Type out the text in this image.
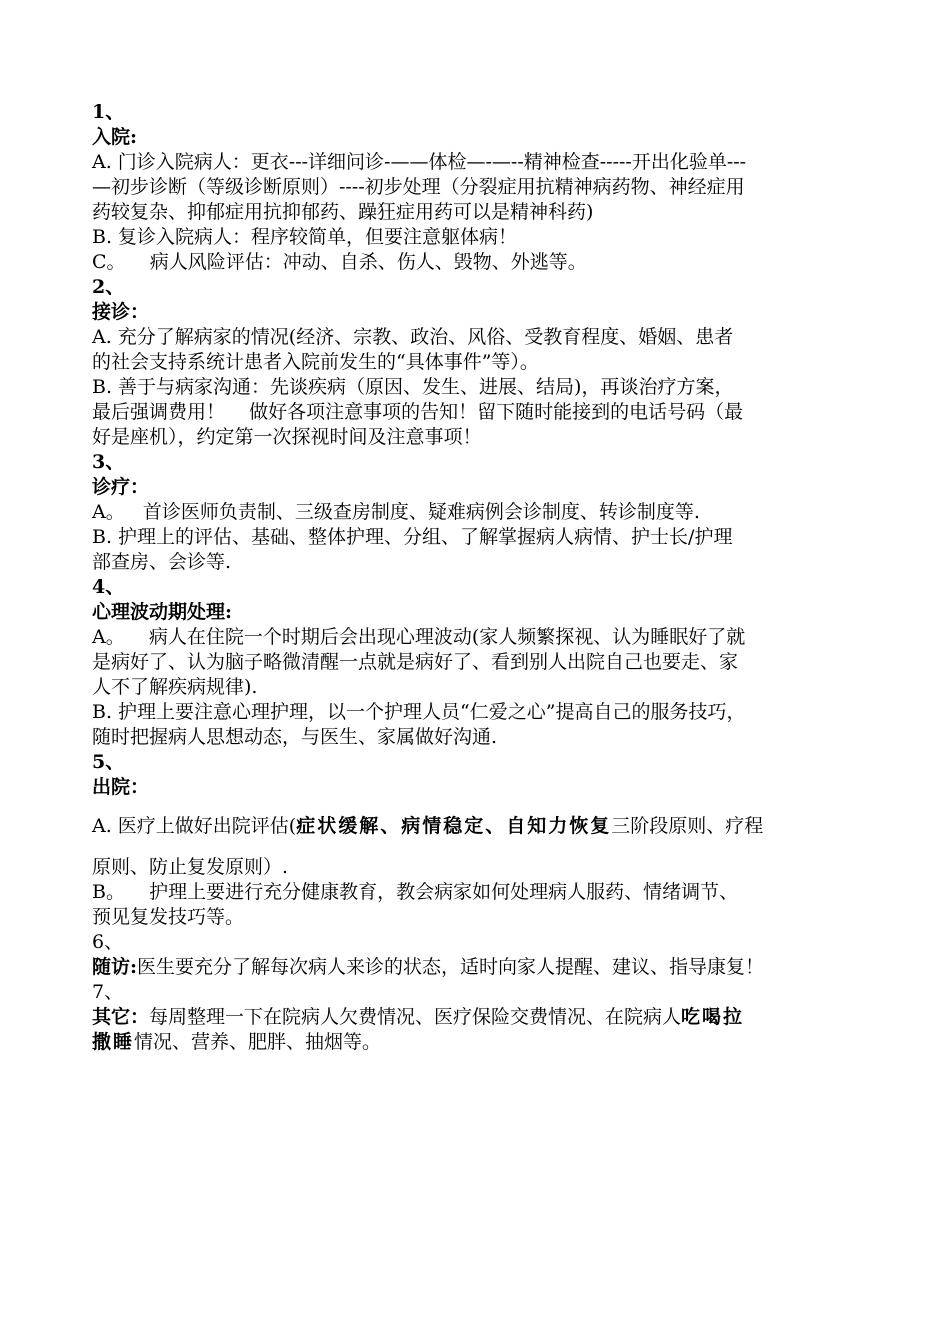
1、

入院:

A. 门诊入院病人：更衣---详细问诊-——体检—-—--精神检查-----开出化验单---

—初步诊断（等级诊断原则）----初步处理（分裂症用抗精神病药物、神经症用

药较复杂、抑郁症用抗抑郁药、躁狂症用药可以是精神科药)

B. 复诊入院病人：程序较简单，但要注意躯体病！

C。    病人风险评估：冲动、自杀、伤人、毁物、外逃等。

2、

接诊：

A. 充分了解病家的情况(经济、宗教、政治、风俗、受教育程度、婚姻、患者

的社会支持系统计患者入院前发生的“具体事件”等）。

B. 善于与病家沟通：先谈疾病（原因、发生、进展、结局)，再谈治疗方案，

最后强调费用！    做好各项注意事项的告知！留下随时能接到的电话号码（最

好是座机），约定第一次探视时间及注意事项！

3、

诊疗：

A。   首诊医师负责制、三级查房制度、疑难病例会诊制度、转诊制度等.

B. 护理上的评估、基础、整体护理、分组、了解掌握病人病情、护士长/护理

部查房、会诊等.

4、

心理波动期处理:

A。    病人在住院一个时期后会出现心理波动(家人频繁探视、认为睡眠好了就

是病好了、认为脑子略微清醒一点就是病好了、看到别人出院自己也要走、家

人不了解疾病规律).

B. 护理上要注意心理护理，以一个护理人员“仁爱之心”提高自己的服务技巧，

随时把握病人思想动态，与医生、家属做好沟通.

5、

出院：

A. 医疗上做好出院评估(症状缓解、病情稳定、自知力恢复三阶段原则、疗程

原则、防止复发原则）.

B。    护理上要进行充分健康教育，教会病家如何处理病人服药、情绪调节、

预见复发技巧等。

6、

随访:医生要充分了解每次病人来诊的状态，适时向家人提醒、建议、指导康复！

7、

其它：每周整理一下在院病人欠费情况、医疗保险交费情况、在院病人吃喝拉

撒睡情况、营养、肥胖、抽烟等。
